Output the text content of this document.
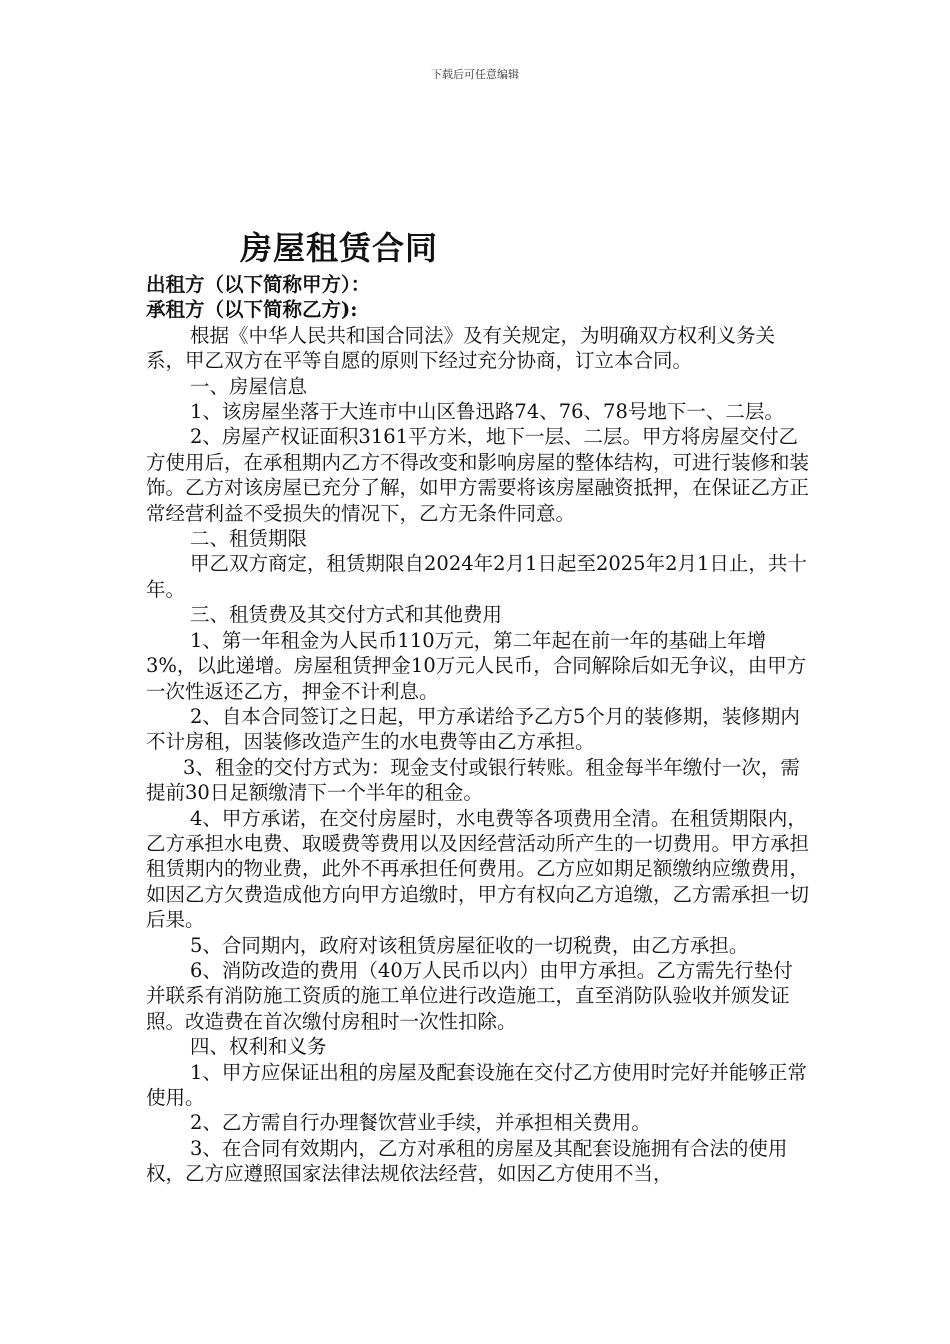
下载后可任意编辑
房屋租赁合同

出租方（以下简称甲方）：

承租方（以下简称乙方):

根据《中华人民共和国合同法》及有关规定，为明确双方权利义务关系，甲乙双方在平等自愿的原则下经过充分协商，订立本合同。

一、房屋信息

1、该房屋坐落于大连市中山区鲁迅路74、76、78号地下一、二层。

2、房屋产权证面积3161平方米，地下一层、二层。甲方将房屋交付乙方使用后，在承租期内乙方不得改变和影响房屋的整体结构，可进行装修和装饰。乙方对该房屋已充分了解，如甲方需要将该房屋融资抵押，在保证乙方正常经营利益不受损失的情况下，乙方无条件同意。

二、租赁期限

甲乙双方商定，租赁期限自2024年2月1日起至2025年2月1日止，共十年。

三、租赁费及其交付方式和其他费用

1、第一年租金为人民币110万元，第二年起在前一年的基础上年增3%，以此递增。房屋租赁押金10万元人民币，合同解除后如无争议，由甲方一次性返还乙方，押金不计利息。

2、自本合同签订之日起，甲方承诺给予乙方5个月的装修期，装修期内不计房租，因装修改造产生的水电费等由乙方承担。

3、租金的交付方式为：现金支付或银行转账。租金每半年缴付一次，需提前30日足额缴清下一个半年的租金。

4、甲方承诺，在交付房屋时，水电费等各项费用全清。在租赁期限内，乙方承担水电费、取暖费等费用以及因经营活动所产生的一切费用。甲方承担租赁期内的物业费，此外不再承担任何费用。乙方应如期足额缴纳应缴费用，如因乙方欠费造成他方向甲方追缴时，甲方有权向乙方追缴，乙方需承担一切后果。

5、合同期内，政府对该租赁房屋征收的一切税费，由乙方承担。

6、消防改造的费用（40万人民币以内）由甲方承担。乙方需先行垫付并联系有消防施工资质的施工单位进行改造施工，直至消防队验收并颁发证照。改造费在首次缴付房租时一次性扣除。

四、权利和义务

1、甲方应保证出租的房屋及配套设施在交付乙方使用时完好并能够正常使用。

2、乙方需自行办理餐饮营业手续，并承担相关费用。

3、在合同有效期内，乙方对承租的房屋及其配套设施拥有合法的使用权，乙方应遵照国家法律法规依法经营，如因乙方使用不当，
